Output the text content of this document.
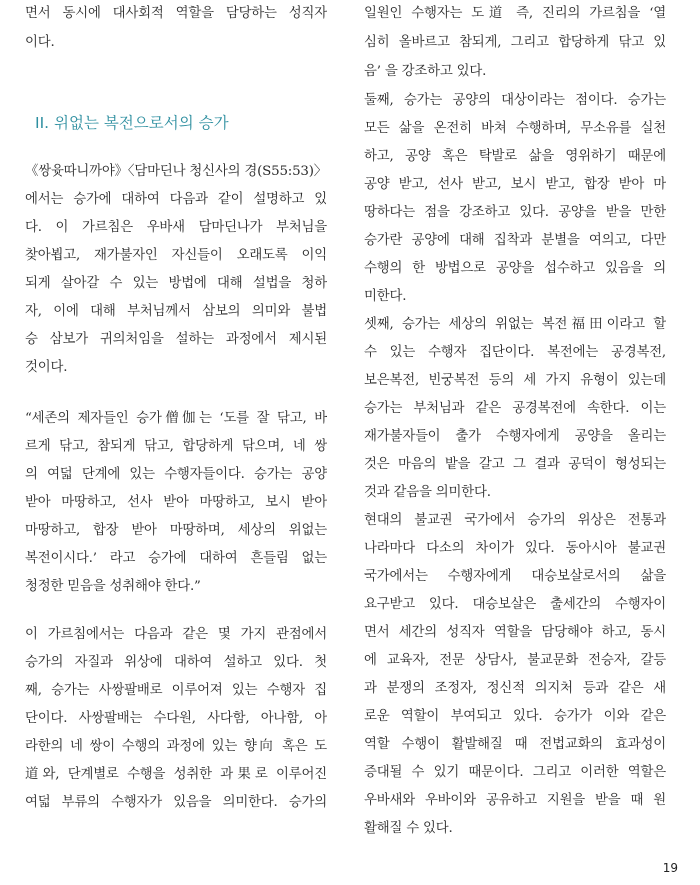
면서 동시에 대사회적 역할을 담당하는 성직자
이다.
II. 위없는 복전으로서의 승가
《쌍윳따니까야》〈담마딘나 청신사의 경(S55:53)〉
에서는 승가에 대하여 다음과 같이 설명하고 있
다. 이 가르침은 우바새 담마딘나가 부처님을
찾아뵙고, 재가불자인 자신들이 오래도록 이익
되게 살아갈 수 있는 방법에 대해 설법을 청하
자, 이에 대해 부처님께서 삼보의 의미와 불법
승 삼보가 귀의처임을 설하는 과정에서 제시된
것이다.
“세존의 제자들인 승가僧伽는 ‘도를 잘 닦고, 바
르게 닦고, 참되게 닦고, 합당하게 닦으며, 네 쌍
의 여덟 단계에 있는 수행자들이다. 승가는 공양
받아 마땅하고, 선사 받아 마땅하고, 보시 받아
마땅하고, 합장 받아 마땅하며, 세상의 위없는
복전이시다.’ 라고 승가에 대하여 흔들림 없는
청정한 믿음을 성취해야 한다.”
이 가르침에서는 다음과 같은 몇 가지 관점에서
승가의 자질과 위상에 대하여 설하고 있다. 첫
째, 승가는 사쌍팔배로 이루어져 있는 수행자 집
단이다. 사쌍팔배는 수다원, 사다함, 아나함, 아
라한의 네 쌍이 수행의 과정에 있는 향向 혹은 도
道와, 단계별로 수행을 성취한 과果로 이루어진
여덟 부류의 수행자가 있음을 의미한다. 승가의
일원인 수행자는 도道 즉, 진리의 가르침을 ‘열
심히 올바르고 참되게, 그리고 합당하게 닦고 있
음’ 을 강조하고 있다.
둘째, 승가는 공양의 대상이라는 점이다. 승가는
모든 삶을 온전히 바쳐 수행하며, 무소유를 실천
하고, 공양 혹은 탁발로 삶을 영위하기 때문에
공양 받고, 선사 받고, 보시 받고, 합장 받아 마
땅하다는 점을 강조하고 있다. 공양을 받을 만한
승가란 공양에 대해 집착과 분별을 여의고, 다만
수행의 한 방법으로 공양을 섭수하고 있음을 의
미한다.
셋째, 승가는 세상의 위없는 복전福田이라고 할
수 있는 수행자 집단이다. 복전에는 공경복전,
보은복전, 빈궁복전 등의 세 가지 유형이 있는데
승가는 부처님과 같은 공경복전에 속한다. 이는
재가불자들이 출가 수행자에게 공양을 올리는
것은 마음의 밭을 갈고 그 결과 공덕이 형성되는
것과 같음을 의미한다.
현대의 불교권 국가에서 승가의 위상은 전통과
나라마다 다소의 차이가 있다. 동아시아 불교권
국가에서는 수행자에게 대승보살로서의 삶을
요구받고 있다. 대승보살은 출세간의 수행자이
면서 세간의 성직자 역할을 담당해야 하고, 동시
에 교육자, 전문 상담사, 불교문화 전승자, 갈등
과 분쟁의 조정자, 정신적 의지처 등과 같은 새
로운 역할이 부여되고 있다. 승가가 이와 같은
역할 수행이 활발해질 때 전법교화의 효과성이
증대될 수 있기 때문이다. 그리고 이러한 역할은
우바새와 우바이와 공유하고 지원을 받을 때 원
활해질 수 있다.
19
